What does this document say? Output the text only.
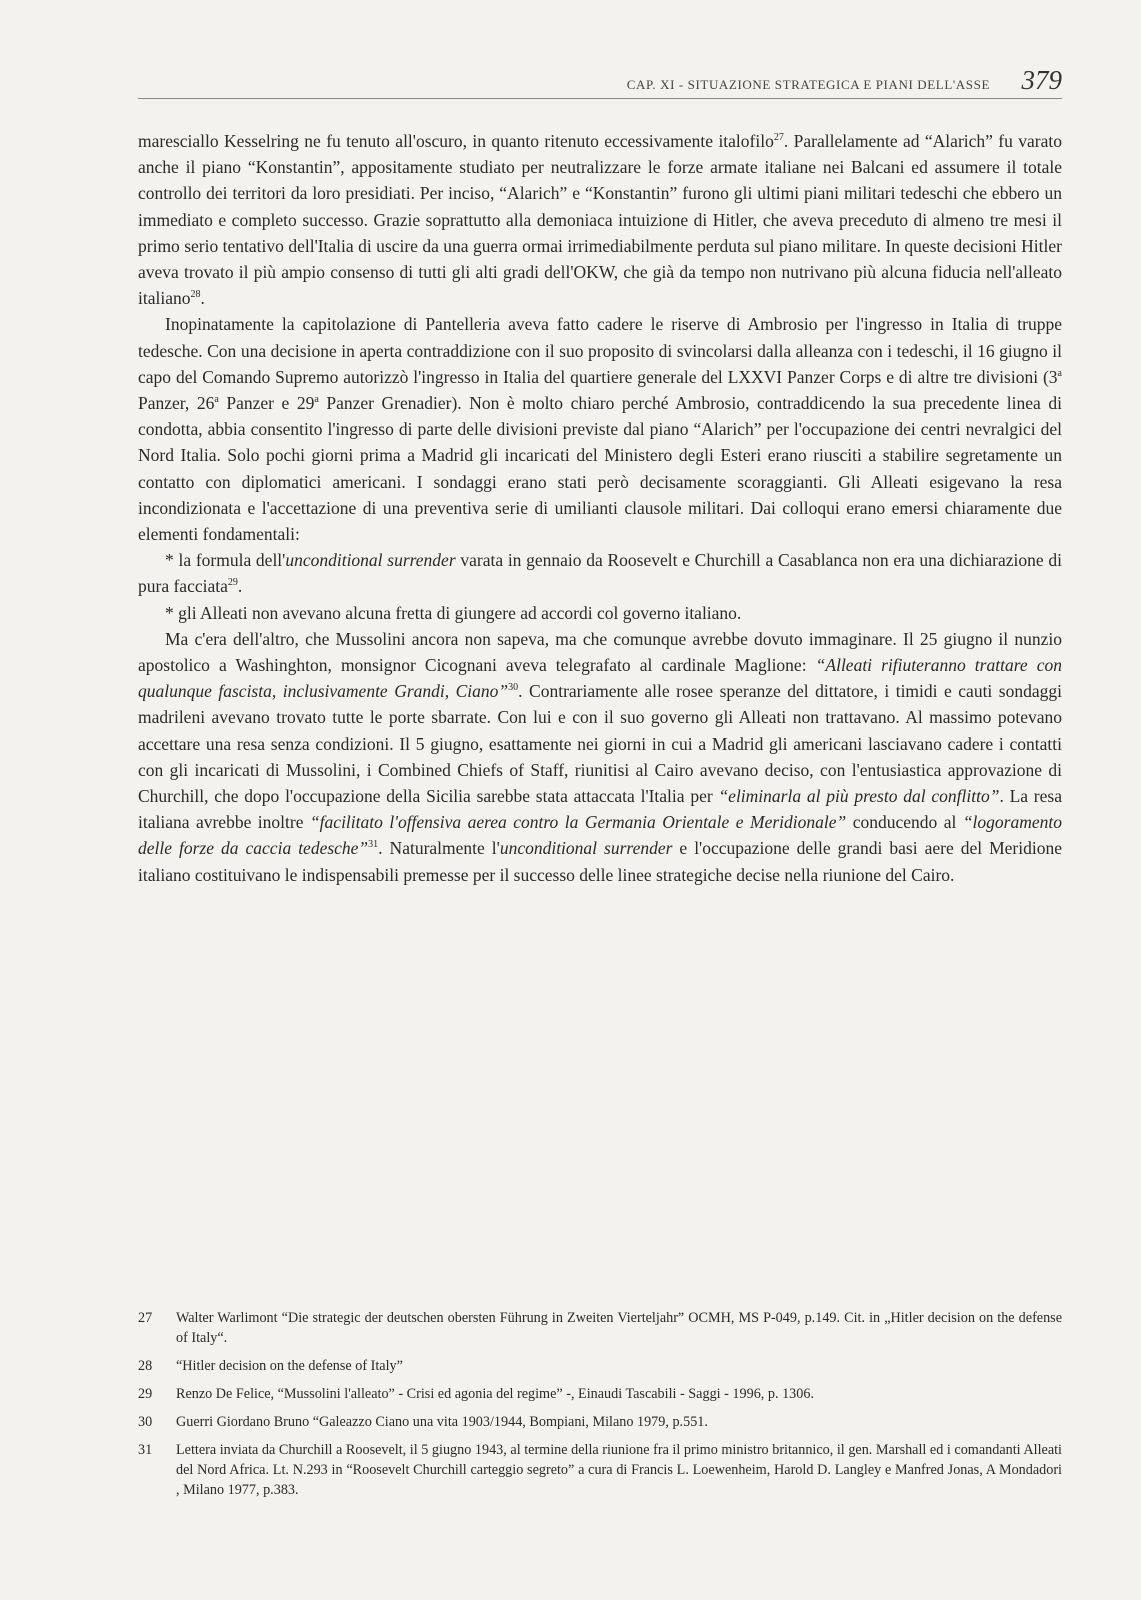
CAP. XI - SITUAZIONE STRATEGICA E PIANI DELL'ASSE 379

maresciallo Kesselring ne fu tenuto all'oscuro, in quanto ritenuto eccessivamente italofilo$^{27}$. Parallelamente ad “Alarich” fu varato anche il piano “Konstantin”, appositamente studiato per neutralizzare le forze armate italiane nei Balcani ed assumere il totale controllo dei territori da loro presidiati. Per inciso, “Alarich” e “Konstantin” furono gli ultimi piani militari tedeschi che ebbero un immediato e completo successo. Grazie soprattutto alla demoniaca intuizione di Hitler, che aveva preceduto di almeno tre mesi il primo serio tentativo dell'Italia di uscire da una guerra ormai irrimediabilmente perduta sul piano militare. In queste decisioni Hitler aveva trovato il più ampio consenso di tutti gli alti gradi dell'OKW, che già da tempo non nutrivano più alcuna fiducia nell'alleato italiano$^{28}$.

Inopinatamente la capitolazione di Pantelleria aveva fatto cadere le riserve di Ambrosio per l'ingresso in Italia di truppe tedesche. Con una decisione in aperta contraddizione con il suo proposito di svincolarsi dalla alleanza con i tedeschi, il 16 giugno il capo del Comando Supremo autorizzò l'ingresso in Italia del quartiere generale del LXXVI Panzer Corps e di altre tre divisioni (3$^a$ Panzer, 26$^a$ Panzer e 29$^a$ Panzer Grenadier). Non è molto chiaro perché Ambrosio, contraddicendo la sua precedente linea di condotta, abbia consentito l'ingresso di parte delle divisioni previste dal piano “Alarich” per l'occupazione dei centri nevralgici del Nord Italia. Solo pochi giorni prima a Madrid gli incaricati del Ministero degli Esteri erano riusciti a stabilire segretamente un contatto con diplomatici americani. I sondaggi erano stati però decisamente scoraggianti. Gli Alleati esigevano la resa incondizionata e l'accettazione di una preventiva serie di umilianti clausole militari. Dai colloqui erano emersi chiaramente due elementi fondamentali:

* la formula dell'unconditional surrender varata in gennaio da Roosevelt e Churchill a Casablanca non era una dichiarazione di pura facciata$^{29}$.

* gli Alleati non avevano alcuna fretta di giungere ad accordi col governo italiano.

Ma c'era dell'altro, che Mussolini ancora non sapeva, ma che comunque avrebbe dovuto immaginare. Il 25 giugno il nunzio apostolico a Washinghton, monsignor Cicognani aveva telegrafato al cardinale Maglione: “Alleati rifiuteranno trattare con qualunque fascista, inclusivamente Grandi, Ciano”$^{30}$. Contrariamente alle rosee speranze del dittatore, i timidi e cauti sondaggi madrileni avevano trovato tutte le porte sbarrate. Con lui e con il suo governo gli Alleati non trattavano. Al massimo potevano accettare una resa senza condizioni. Il 5 giugno, esattamente nei giorni in cui a Madrid gli americani lasciavano cadere i contatti con gli incaricati di Mussolini, i Combined Chiefs of Staff, riunitisi al Cairo avevano deciso, con l'entusiastica approvazione di Churchill, che dopo l'occupazione della Sicilia sarebbe stata attaccata l'Italia per “eliminarla al più presto dal conflitto”. La resa italiana avrebbe inoltre “facilitato l'offensiva aerea contro la Germania Orientale e Meridionale” conducendo al “logoramento delle forze da caccia tedesche”$^{31}$. Naturalmente l'unconditional surrender e l'occupazione delle grandi basi aere del Meridione italiano costituivano le indispensabili premesse per il successo delle linee strategiche decise nella riunione del Cairo.

27 Walter Warlimont “Die strategic der deutschen obersten Führung in Zweiten Vierteljahr” OCMH, MS P-049, p.149. Cit. in „Hitler decision on the defense of Italy“.
28 “Hitler decision on the defense of Italy”
29 Renzo De Felice, “Mussolini l'alleato” - Crisi ed agonia del regime” -, Einaudi Tascabili - Saggi - 1996, p. 1306.
30 Guerri Giordano Bruno “Galeazzo Ciano una vita 1903/1944, Bompiani, Milano 1979, p.551.
31 Lettera inviata da Churchill a Roosevelt, il 5 giugno 1943, al termine della riunione fra il primo ministro britannico, il gen. Marshall ed i comandanti Alleati del Nord Africa. Lt. N.293 in “Roosevelt Churchill carteggio segreto” a cura di Francis L. Loewenheim, Harold D. Langley e Manfred Jonas, A Mondadori , Milano 1977, p.383.
